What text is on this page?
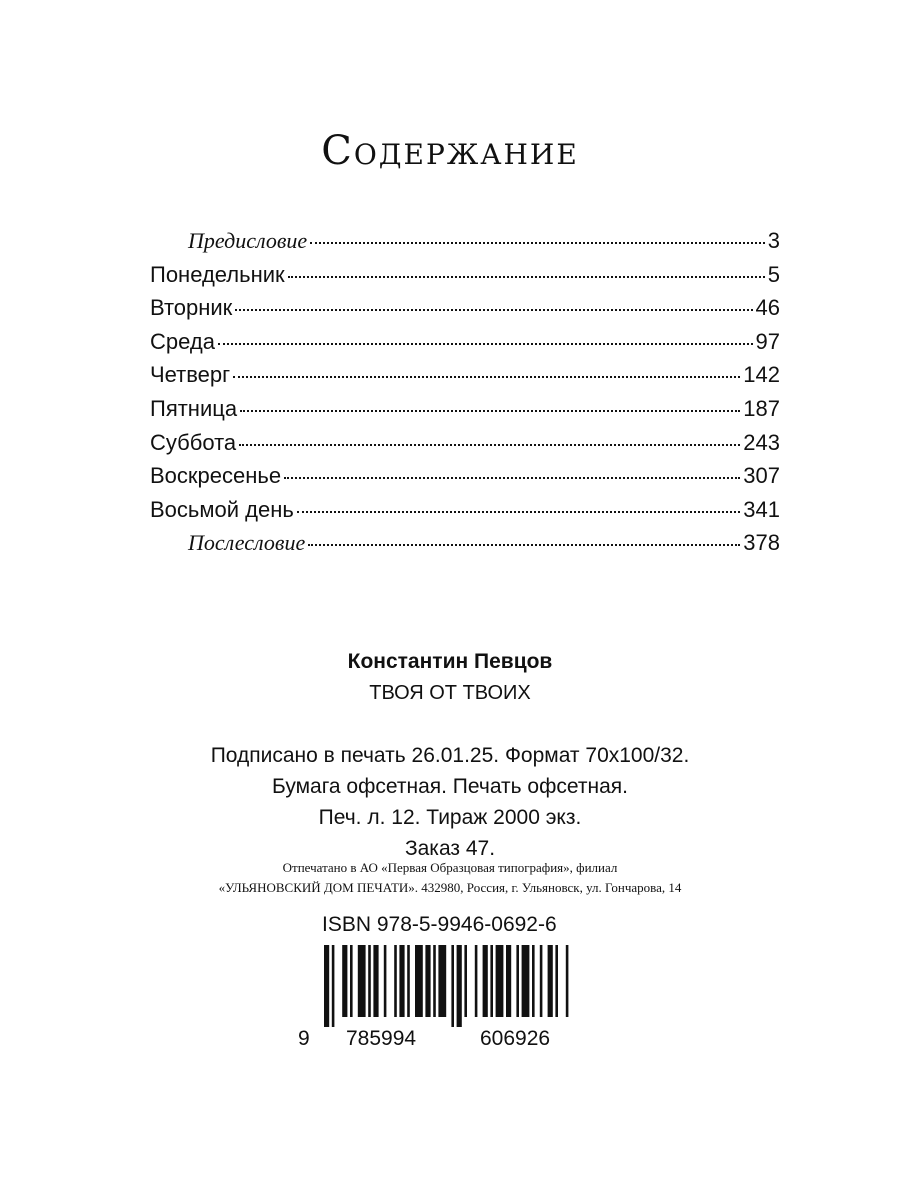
Содержание
Предисловие	3
Понедельник	5
Вторник	46
Среда	97
Четверг	142
Пятница	187
Суббота	243
Воскресенье	307
Восьмой день	341
Послесловие	378
Константин Певцов
ТВОЯ ОТ ТВОИХ
Подписано в печать 26.01.25. Формат 70х100/32.
Бумага офсетная. Печать офсетная.
Печ. л. 12. Тираж 2000 экз.
Заказ 47.
Отпечатано в АО «Первая Образцовая типография», филиал
«УЛЬЯНОВСКИЙ ДОМ ПЕЧАТИ». 432980, Россия, г. Ульяновск, ул. Гончарова, 14
ISBN 978-5-9946-0692-6
9 785994	606926
